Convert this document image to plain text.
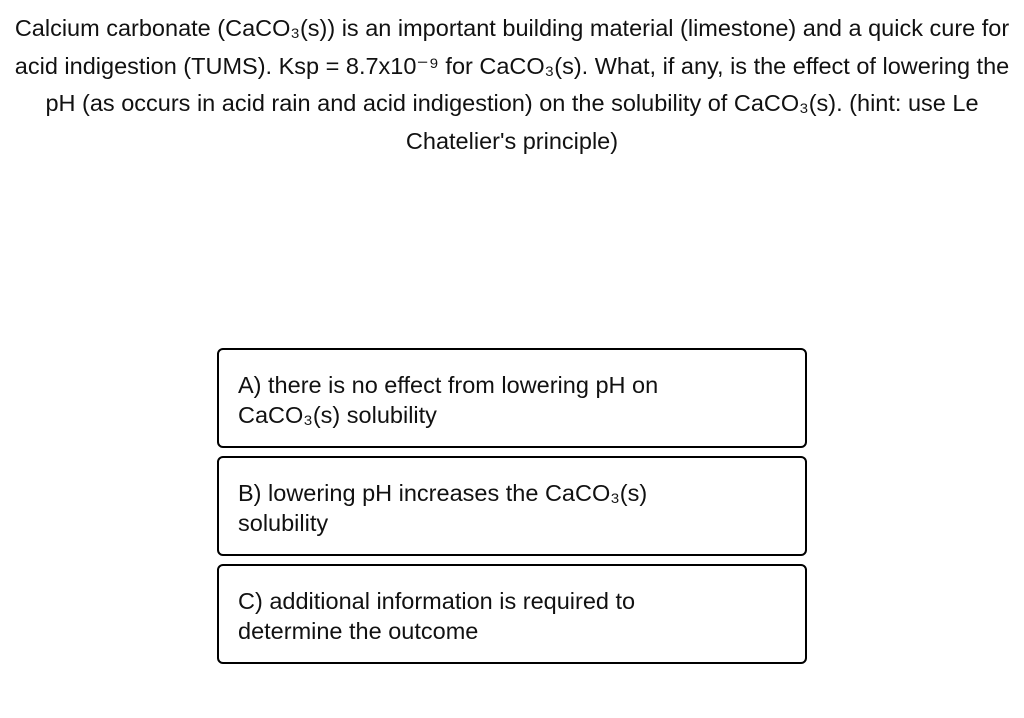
Calcium carbonate (CaCO₃(s)) is an important building material (limestone) and a quick cure for acid indigestion (TUMS). Ksp = 8.7x10⁻⁹ for CaCO₃(s). What, if any, is the effect of lowering the pH (as occurs in acid rain and acid indigestion) on the solubility of CaCO₃(s). (hint: use Le Chatelier's principle)

A) there is no effect from lowering pH on CaCO₃(s) solubility
B) lowering pH increases the CaCO₃(s) solubility
C) additional information is required to determine the outcome
